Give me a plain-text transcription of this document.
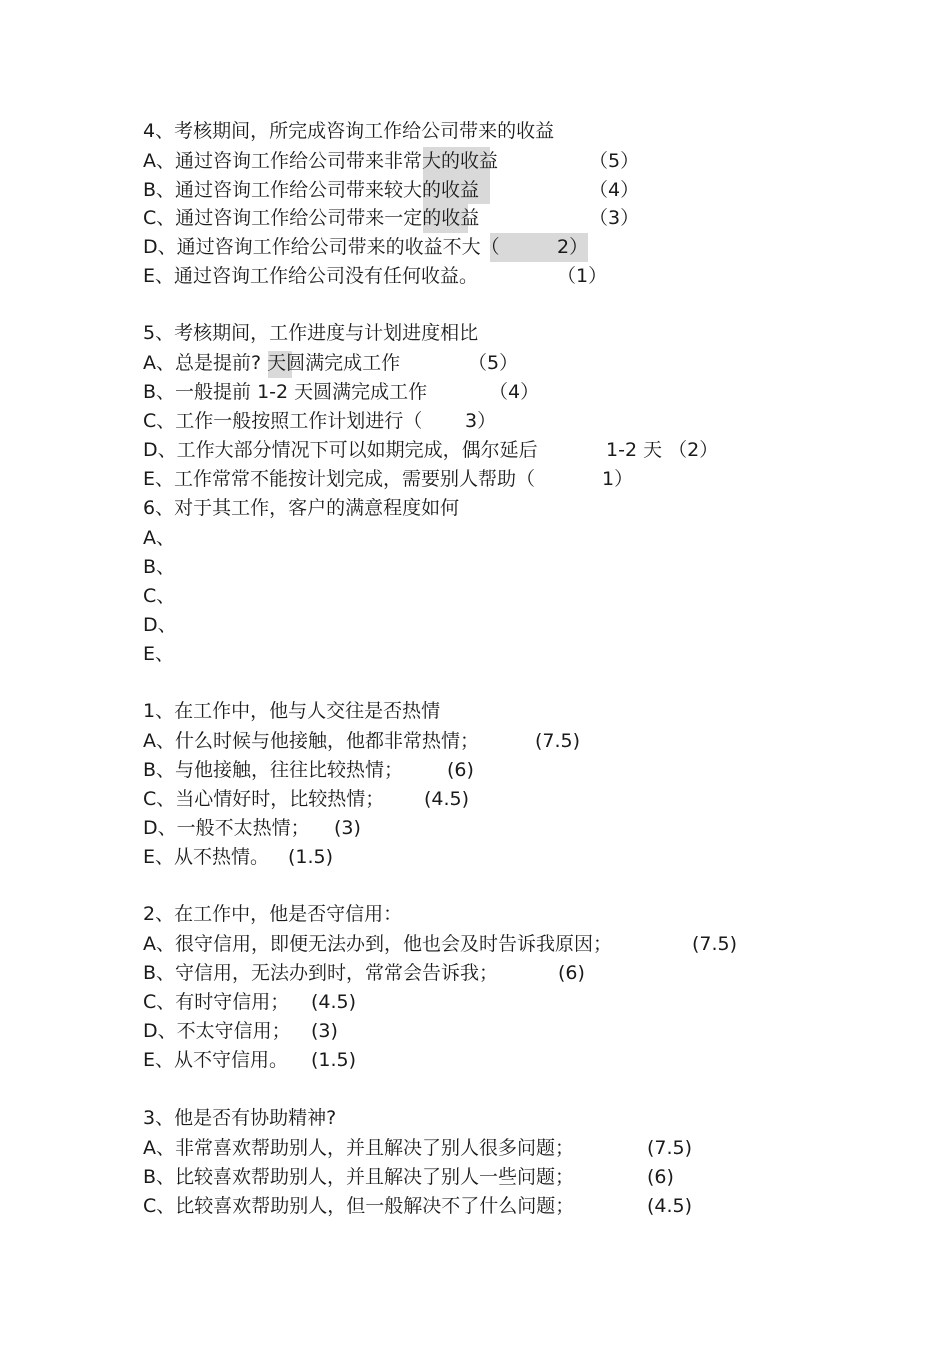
4、考核期间，所完成咨询工作给公司带来的收益
A、通过咨询工作给公司带来非常大的收益	（5）
B、通过咨询工作给公司带来较大的收益	（4）
C、通过咨询工作给公司带来一定的收益	（3）
D、通过咨询工作给公司带来的收益不大（	2）
E、通过咨询工作给公司没有任何收益。	（1）
5、考核期间，工作进度与计划进度相比
A、总是提前? 天圆满完成工作	（5）
B、一般提前 1-2 天圆满完成工作	（4）
C、工作一般按照工作计划进行（ 3）
D、工作大部分情况下可以如期完成，偶尔延后	1-2 天 （2）
E、工作常常不能按计划完成，需要别人帮助（	1）
6、对于其工作，客户的满意程度如何
A、
B、
C、
D、
E、
1、在工作中，他与人交往是否热情
A、什么时候与他接触，他都非常热情；	(7.5)
B、与他接触，往往比较热情； (6)
C、当心情好时，比较热情； (4.5)
D、一般不太热情； (3)
E、从不热情。 (1.5)
2、在工作中，他是否守信用：
A、很守信用，即便无法办到，他也会及时告诉我原因；	(7.5)
B、守信用，无法办到时，常常会告诉我；	(6)
C、有时守信用； (4.5)
D、不太守信用； (3)
E、从不守信用。 (1.5)
3、他是否有协助精神?
A、非常喜欢帮助别人，并且解决了别人很多问题；	(7.5)
B、比较喜欢帮助别人，并且解决了别人一些问题；	(6)
C、比较喜欢帮助别人，但一般解决不了什么问题；	(4.5)
